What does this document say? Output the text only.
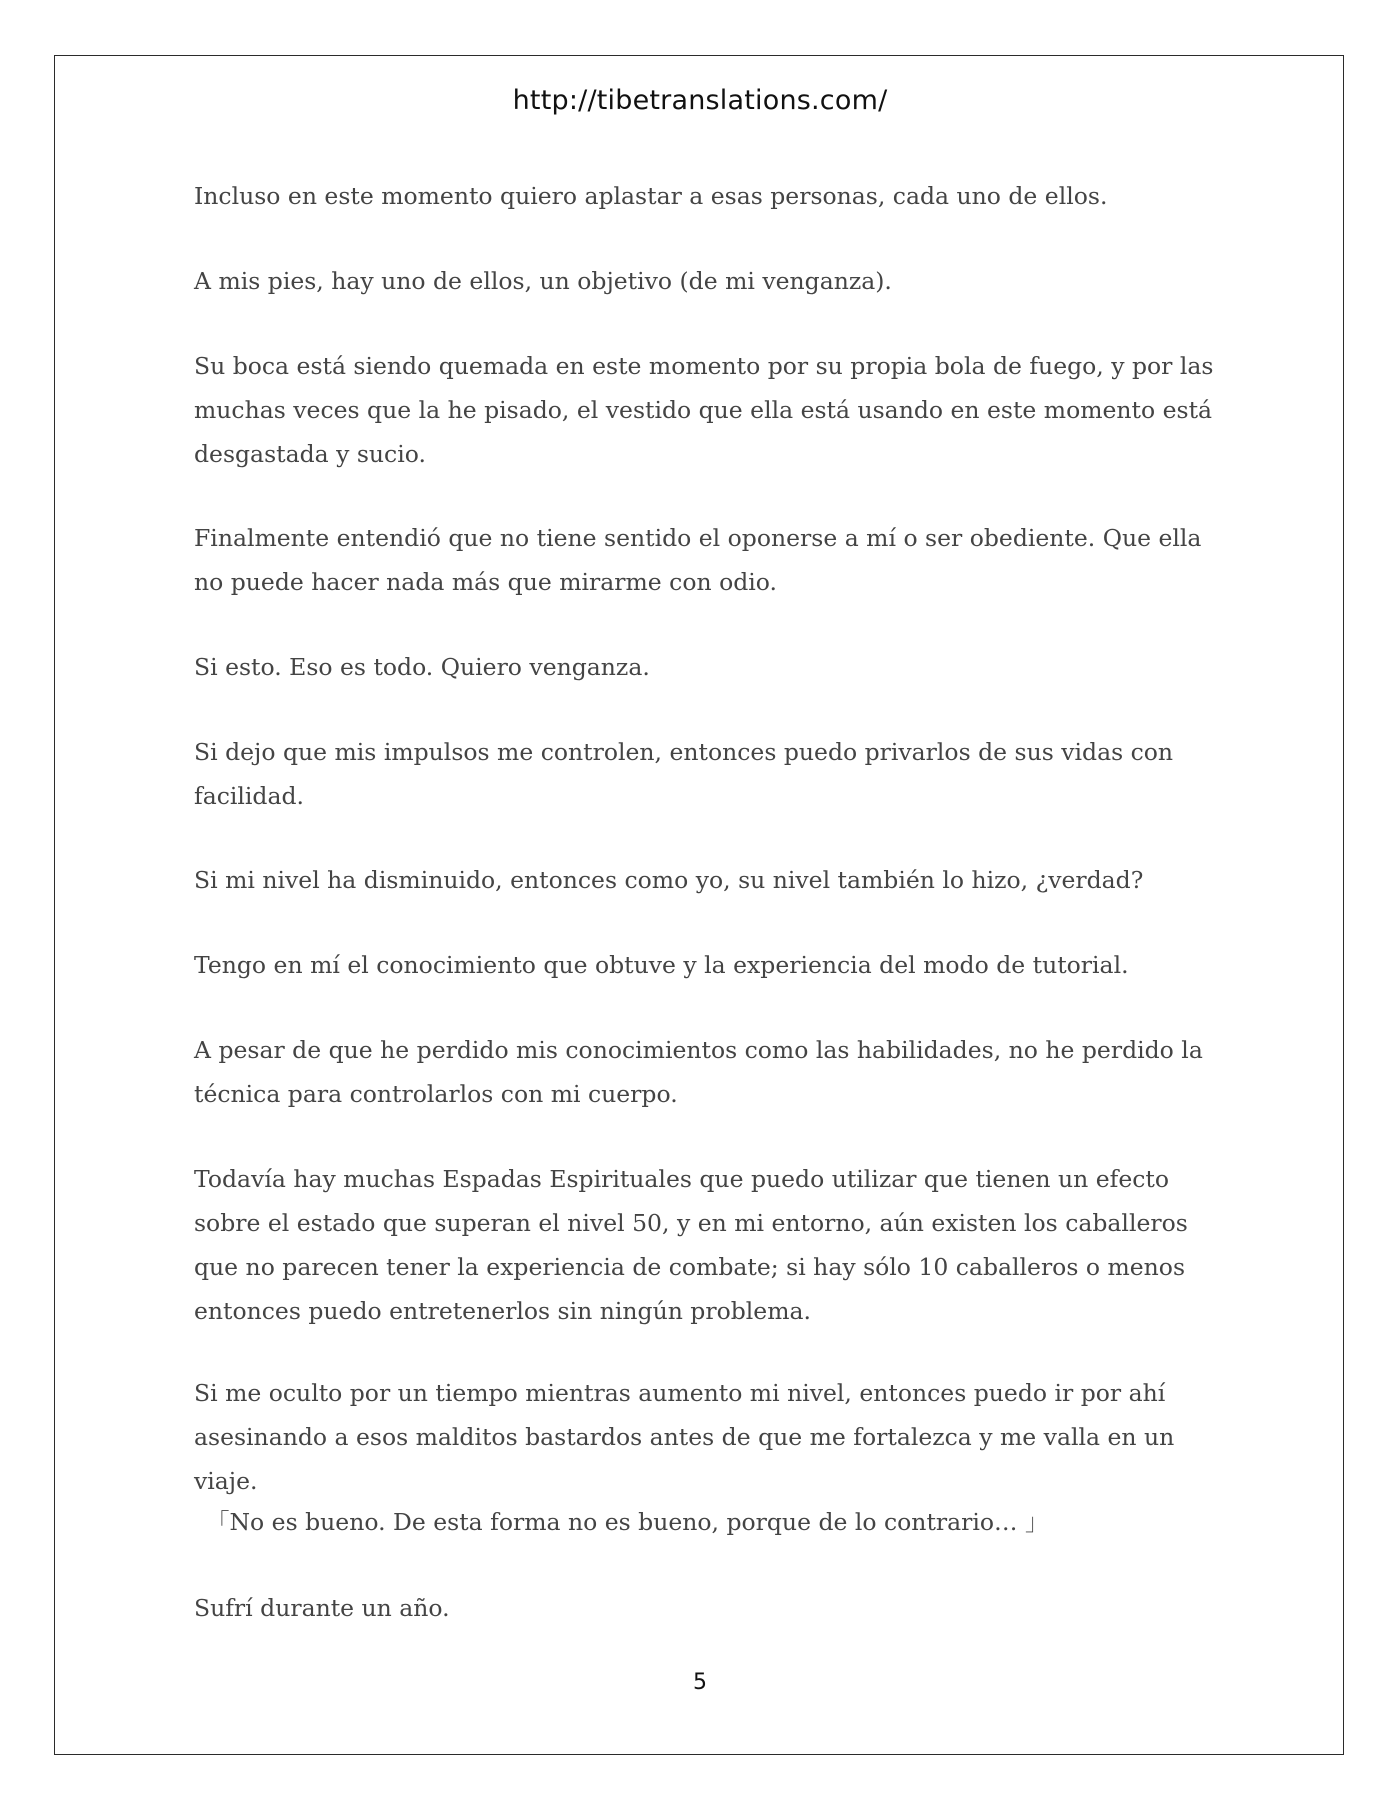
http://tibetranslations.com/

Incluso en este momento quiero aplastar a esas personas, cada uno de ellos.

A mis pies, hay uno de ellos, un objetivo (de mi venganza).

Su boca está siendo quemada en este momento por su propia bola de fuego, y por las muchas veces que la he pisado, el vestido que ella está usando en este momento está desgastada y sucio.

Finalmente entendió que no tiene sentido el oponerse a mí o ser obediente. Que ella no puede hacer nada más que mirarme con odio.

Si esto. Eso es todo. Quiero venganza.

Si dejo que mis impulsos me controlen, entonces puedo privarlos de sus vidas con facilidad.

Si mi nivel ha disminuido, entonces como yo, su nivel también lo hizo, ¿verdad?

Tengo en mí el conocimiento que obtuve y la experiencia del modo de tutorial.

A pesar de que he perdido mis conocimientos como las habilidades, no he perdido la técnica para controlarlos con mi cuerpo.

Todavía hay muchas Espadas Espirituales que puedo utilizar que tienen un efecto sobre el estado que superan el nivel 50, y en mi entorno, aún existen los caballeros que no parecen tener la experiencia de combate; si hay sólo 10 caballeros o menos entonces puedo entretenerlos sin ningún problema.

Si me oculto por un tiempo mientras aumento mi nivel, entonces puedo ir por ahí asesinando a esos malditos bastardos antes de que me fortalezca y me valla en un viaje.

「No es bueno. De esta forma no es bueno, porque de lo contrario… 」

Sufrí durante un año.

5
